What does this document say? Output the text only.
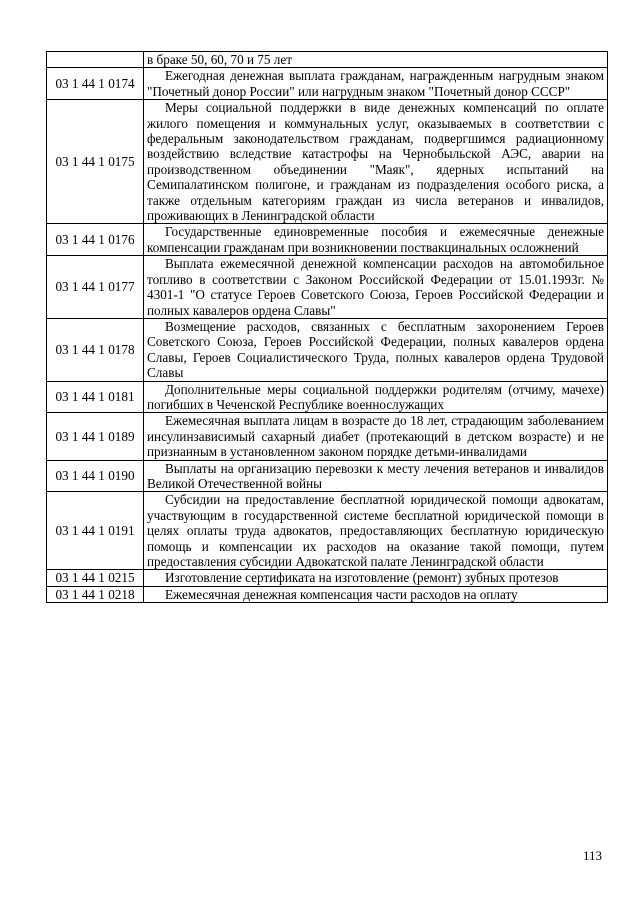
	в браке 50, 60, 70 и 75 лет

03 1 44 1 0174	Ежегодная денежная выплата гражданам, награжденным нагрудным знаком "Почетный донор России" или нагрудным знаком "Почетный донор СССР"

03 1 44 1 0175	Меры социальной поддержки в виде денежных компенсаций по оплате жилого помещения и коммунальных услуг, оказываемых в соответствии с федеральным законодательством гражданам, подвергшимся радиационному воздействию вследствие катастрофы на Чернобыльской АЭС, аварии на производственном объединении "Маяк", ядерных испытаний на Семипалатинском полигоне, и гражданам из подразделения особого риска, а также отдельным категориям граждан из числа ветеранов и инвалидов, проживающих в Ленинградской области

03 1 44 1 0176	Государственные единовременные пособия и ежемесячные денежные компенсации гражданам при возникновении поствакцинальных осложнений

03 1 44 1 0177	Выплата ежемесячной денежной компенсации расходов на автомобильное топливо в соответствии с Законом Российской Федерации от 15.01.1993г. № 4301-1 "О статусе Героев Советского Союза, Героев Российской Федерации и полных кавалеров ордена Славы"

03 1 44 1 0178	Возмещение расходов, связанных с бесплатным захоронением Героев Советского Союза, Героев Российской Федерации, полных кавалеров ордена Славы, Героев Социалистического Труда, полных кавалеров ордена Трудовой Славы

03 1 44 1 0181	Дополнительные меры социальной поддержки родителям (отчиму, мачехе) погибших в Чеченской Республике военнослужащих

03 1 44 1 0189	Ежемесячная выплата лицам в возрасте до 18 лет, страдающим заболеванием инсулинзависимый сахарный диабет (протекающий в детском возрасте) и не признанным в установленном законом порядке детьми-инвалидами

03 1 44 1 0190	Выплаты на организацию перевозки к месту лечения ветеранов и инвалидов Великой Отечественной войны

03 1 44 1 0191	Субсидии на предоставление бесплатной юридической помощи адвокатам, участвующим в государственной системе бесплатной юридической помощи в целях оплаты труда адвокатов, предоставляющих бесплатную юридическую помощь и компенсации их расходов на оказание такой помощи, путем предоставления субсидии Адвокатской палате Ленинградской области

03 1 44 1 0215	Изготовление сертификата на изготовление (ремонт) зубных протезов

03 1 44 1 0218	Ежемесячная денежная компенсация части расходов на оплату
113
